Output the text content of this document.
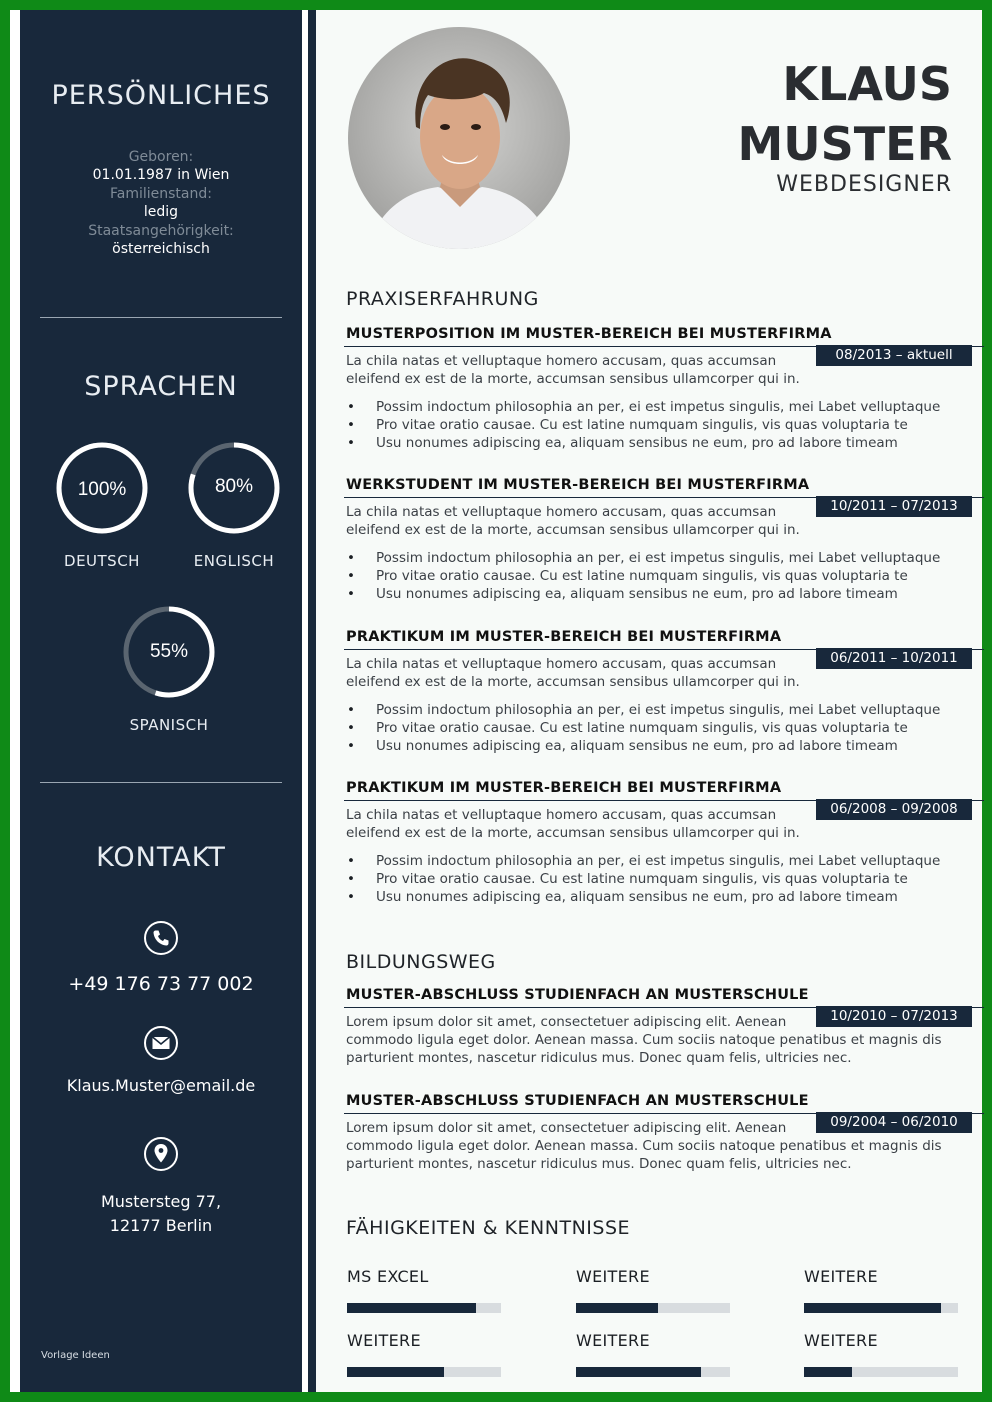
PERSÖNLICHES
Geboren:
01.01.1987 in Wien
Familienstand:
ledig
Staatsangehörigkeit:
österreichisch
SPRACHEN
100%
DEUTSCH
80%
ENGLISCH
55%
SPANISCH
KONTAKT
+49 176 73 77 002
Klaus.Muster@email.de
Mustersteg 77,
12177 Berlin
Vorlage Ideen
KLAUS
MUSTER
WEBDESIGNER
PRAXISERFAHRUNG
MUSTERPOSITION IM MUSTER-BEREICH BEI MUSTERFIRMA
08/2013 – aktuell
La chila natas et velluptaque homero accusam, quas accumsan
eleifend ex est de la morte, accumsan sensibus ullamcorper qui in.
• Possim indoctum philosophia an per, ei est impetus singulis, mei Labet velluptaque
• Pro vitae oratio causae. Cu est latine numquam singulis, vis quas voluptaria te
• Usu nonumes adipiscing ea, aliquam sensibus ne eum, pro ad labore timeam
WERKSTUDENT IM MUSTER-BEREICH BEI MUSTERFIRMA
10/2011 – 07/2013
La chila natas et velluptaque homero accusam, quas accumsan
eleifend ex est de la morte, accumsan sensibus ullamcorper qui in.
• Possim indoctum philosophia an per, ei est impetus singulis, mei Labet velluptaque
• Pro vitae oratio causae. Cu est latine numquam singulis, vis quas voluptaria te
• Usu nonumes adipiscing ea, aliquam sensibus ne eum, pro ad labore timeam
PRAKTIKUM IM MUSTER-BEREICH BEI MUSTERFIRMA
06/2011 – 10/2011
La chila natas et velluptaque homero accusam, quas accumsan
eleifend ex est de la morte, accumsan sensibus ullamcorper qui in.
• Possim indoctum philosophia an per, ei est impetus singulis, mei Labet velluptaque
• Pro vitae oratio causae. Cu est latine numquam singulis, vis quas voluptaria te
• Usu nonumes adipiscing ea, aliquam sensibus ne eum, pro ad labore timeam
PRAKTIKUM IM MUSTER-BEREICH BEI MUSTERFIRMA
06/2008 – 09/2008
La chila natas et velluptaque homero accusam, quas accumsan
eleifend ex est de la morte, accumsan sensibus ullamcorper qui in.
• Possim indoctum philosophia an per, ei est impetus singulis, mei Labet velluptaque
• Pro vitae oratio causae. Cu est latine numquam singulis, vis quas voluptaria te
• Usu nonumes adipiscing ea, aliquam sensibus ne eum, pro ad labore timeam
BILDUNGSWEG
MUSTER-ABSCHLUSS STUDIENFACH AN MUSTERSCHULE
10/2010 – 07/2013
Lorem ipsum dolor sit amet, consectetuer adipiscing elit. Aenean
commodo ligula eget dolor. Aenean massa. Cum sociis natoque penatibus et magnis dis
parturient montes, nascetur ridiculus mus. Donec quam felis, ultricies nec.
MUSTER-ABSCHLUSS STUDIENFACH AN MUSTERSCHULE
09/2004 – 06/2010
Lorem ipsum dolor sit amet, consectetuer adipiscing elit. Aenean
commodo ligula eget dolor. Aenean massa. Cum sociis natoque penatibus et magnis dis
parturient montes, nascetur ridiculus mus. Donec quam felis, ultricies nec.
FÄHIGKEITEN & KENNTNISSE
MS EXCEL	WEITERE	WEITERE
WEITERE	WEITERE	WEITERE
